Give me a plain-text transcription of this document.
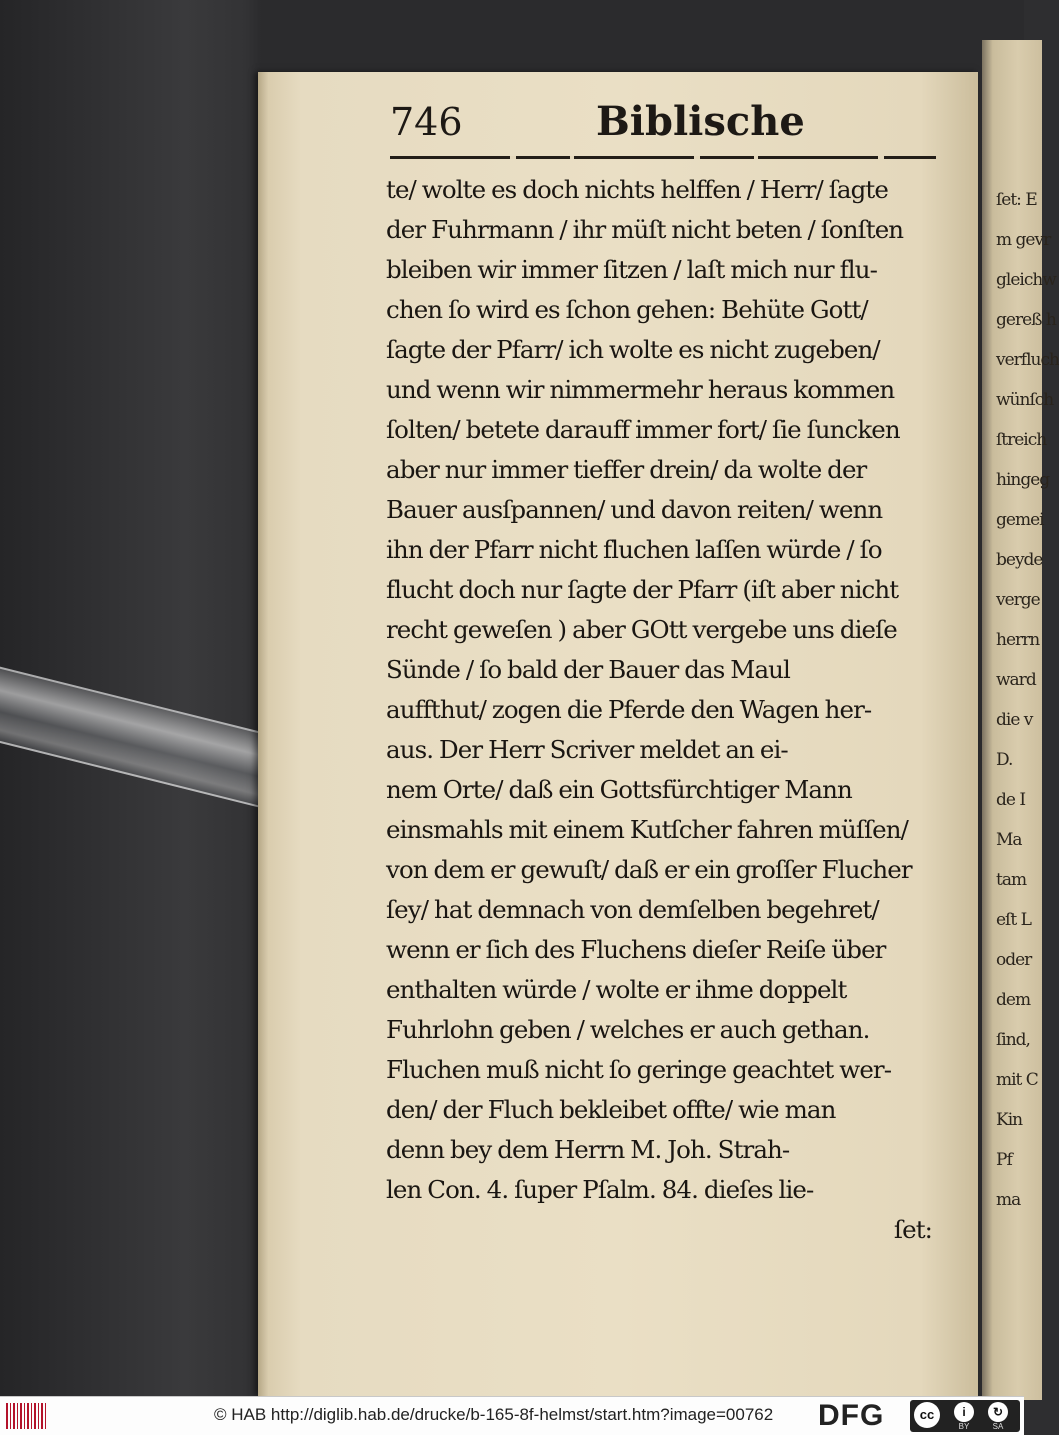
ſet: E
m gevr
gleichw
gereß h
verfluch
wünſch
ſtreich
hingeg
gemei
beyde
verge
herrn
ward
die v
D.
de I
Ma
tam
eſt L
oder
dem
ſind,
mit C
Kin
Pf
ma
746	Biblische
te/ wolte es doch nichts helffen / Herr/ ſagte
der Fuhrmann / ihr müſt nicht beten / ſonſten
bleiben wir immer ſitzen / laſt mich nur flu-
chen ſo wird es ſchon gehen: Behüte Gott/
ſagte der Pfarr/ ich wolte es nicht zugeben/
und wenn wir nimmermehr heraus kommen
ſolten/ betete darauff immer fort/ ſie ſuncken
aber nur immer tieffer drein/ da wolte der
Bauer ausſpannen/ und davon reiten/ wenn
ihn der Pfarr nicht fluchen laſſen würde / ſo
flucht doch nur ſagte der Pfarr (iſt aber nicht
recht geweſen ) aber GOtt vergebe uns dieſe
Sünde / ſo bald der Bauer das Maul
auffthut/ zogen die Pferde den Wagen her-
aus. Der Herr Scriver meldet an ei-
nem Orte/ daß ein Gottsfürchtiger Mann
einsmahls mit einem Kutſcher fahren müſſen/
von dem er gewuſt/ daß er ein groſſer Flucher
ſey/ hat demnach von demſelben begehret/
wenn er ſich des Fluchens dieſer Reiſe über
enthalten würde / wolte er ihme doppelt
Fuhrlohn geben / welches er auch gethan.
Fluchen muß nicht ſo geringe geachtet wer-
den/ der Fluch bekleibet offte/ wie man
denn bey dem Herrn M. Joh. Strah-
len Con. 4. ſuper Pſalm. 84. dieſes lie-
ſet:
© HAB http://diglib.hab.de/drucke/b-165-8f-helmst/start.htm?image=00762 DFG	cc	i
BY
↻
SA
